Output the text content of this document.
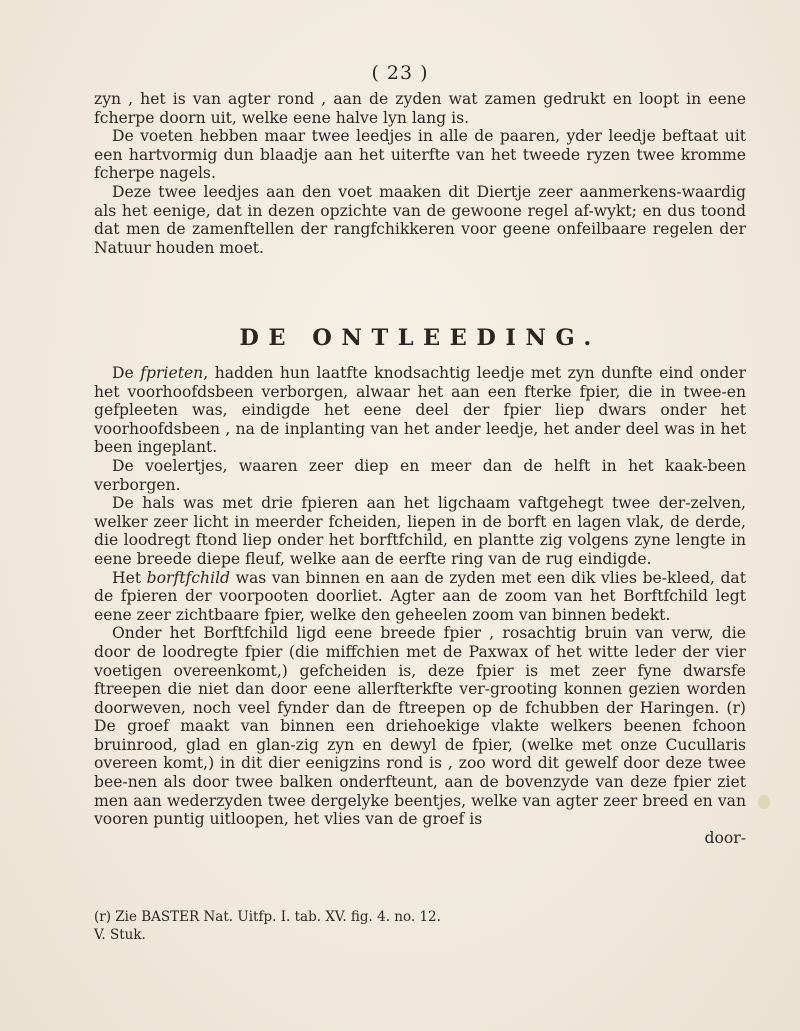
( 23 )

zyn , het is van agter rond , aan de zyden wat zamen gedrukt en loopt in eene fcherpe doorn uit, welke eene halve lyn lang is.

De voeten hebben maar twee leedjes in alle de paaren, yder leedje beftaat uit een hartvormig dun blaadje aan het uiterfte van het tweede ryzen twee kromme fcherpe nagels.

Deze twee leedjes aan den voet maaken dit Diertje zeer aanmerkens-waardig als het eenige, dat in dezen opzichte van de gewoone regel af-wykt; en dus toond dat men de zamenftellen der rangfchikkeren voor geene onfeilbaare regelen der Natuur houden moet.

DE ONTLEEDING.

De fprieten, hadden hun laatfte knodsachtig leedje met zyn dunfte eind onder het voorhoofdsbeen verborgen, alwaar het aan een fterke fpier, die in twee-en gefpleeten was, eindigde het eene deel der fpier liep dwars onder het voorhoofdsbeen , na de inplanting van het ander leedje, het ander deel was in het been ingeplant.

De voelertjes, waaren zeer diep en meer dan de helft in het kaak-been verborgen.

De hals was met drie fpieren aan het ligchaam vaftgehegt twee der-zelven, welker zeer licht in meerder fcheiden, liepen in de borft en lagen vlak, de derde, die loodregt ftond liep onder het borftfchild, en plantte zig volgens zyne lengte in eene breede diepe fleuf, welke aan de eerfte ring van de rug eindigde.

Het borftfchild was van binnen en aan de zyden met een dik vlies be-kleed, dat de fpieren der voorpooten doorliet. Agter aan de zoom van het Borftfchild legt eene zeer zichtbaare fpier, welke den geheelen zoom van binnen bedekt.

Onder het Borftfchild ligd eene breede fpier , rosachtig bruin van verw, die door de loodregte fpier (die miffchien met de Paxwax of het witte leder der vier voetigen overeenkomt,) gefcheiden is, deze fpier is met zeer fyne dwarsfe ftreepen die niet dan door eene allerfterkfte ver-grooting konnen gezien worden doorweven, noch veel fynder dan de ftreepen op de fchubben der Haringen. (r) De groef maakt van binnen een driehoekige vlakte welkers beenen fchoon bruinrood, glad en glan-zig zyn en dewyl de fpier, (welke met onze Cucullaris overeen komt,) in dit dier eenigzins rond is , zoo word dit gewelf door deze twee bee-nen als door twee balken onderfteunt, aan de bovenzyde van deze fpier ziet men aan wederzyden twee dergelyke beentjes, welke van agter zeer breed en van vooren puntig uitloopen, het vlies van de groef is

door-

(r) Zie BASTER Nat. Uitfp. I. tab. XV. fig. 4. no. 12.
V. Stuk.
